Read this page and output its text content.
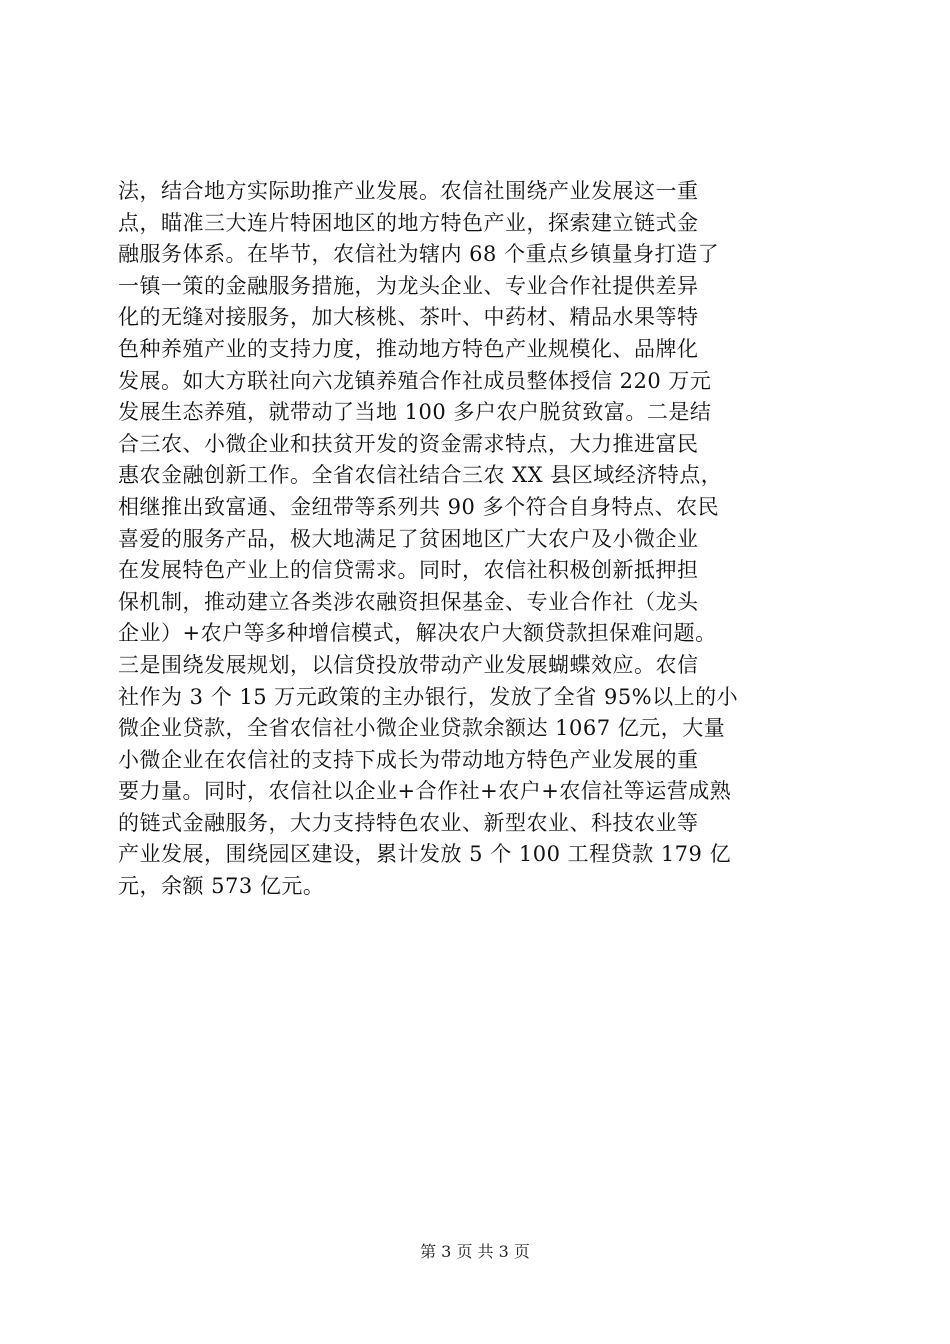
法，结合地方实际助推产业发展。农信社围绕产业发展这一重
点，瞄准三大连片特困地区的地方特色产业，探索建立链式金
融服务体系。在毕节，农信社为辖内 68 个重点乡镇量身打造了
一镇一策的金融服务措施，为龙头企业、专业合作社提供差异
化的无缝对接服务，加大核桃、茶叶、中药材、精品水果等特
色种养殖产业的支持力度，推动地方特色产业规模化、品牌化
发展。如大方联社向六龙镇养殖合作社成员整体授信 220 万元
发展生态养殖，就带动了当地 100 多户农户脱贫致富。二是结
合三农、小微企业和扶贫开发的资金需求特点，大力推进富民
惠农金融创新工作。全省农信社结合三农 XX 县区域经济特点，
相继推出致富通、金纽带等系列共 90 多个符合自身特点、农民
喜爱的服务产品，极大地满足了贫困地区广大农户及小微企业
在发展特色产业上的信贷需求。同时，农信社积极创新抵押担
保机制，推动建立各类涉农融资担保基金、专业合作社（龙头
企业）+农户等多种增信模式，解决农户大额贷款担保难问题。
三是围绕发展规划，以信贷投放带动产业发展蝴蝶效应。农信
社作为 3 个 15 万元政策的主办银行，发放了全省 95%以上的小
微企业贷款，全省农信社小微企业贷款余额达 1067 亿元，大量
小微企业在农信社的支持下成长为带动地方特色产业发展的重
要力量。同时，农信社以企业+合作社+农户+农信社等运营成熟
的链式金融服务，大力支持特色农业、新型农业、科技农业等
产业发展，围绕园区建设，累计发放 5 个 100 工程贷款 179 亿
元，余额 573 亿元。
第 3 页 共 3 页
